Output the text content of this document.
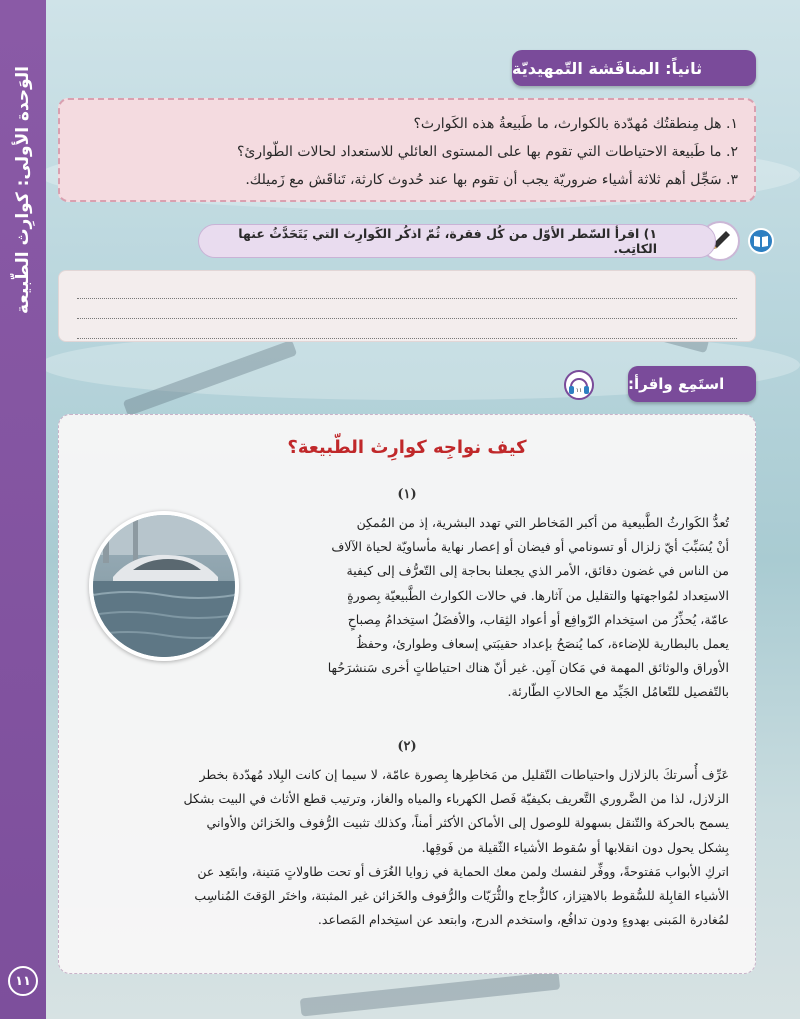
الوَحدة الأولى: كوارِث الطّبيعة
١١
ثانياً: المناقَشة التّمهيديّة
١. هل مِنطقتُك مُهدّدة بالكوارث، ما طَبيعةُ هذه الكَوارث؟
٢. ما طَبيعة الاحتياطات التي تقوم بها على المستوى العائلي للاستعداد لحالات الطّوارئ؟
٣. سَجِّل أهم ثلاثة أشياء ضروريّة يجب أن تقوم بها عند حُدوث كارثة، تَناقَش مع زَميلك.
١) اقرأ السّطر الأوّل من كُل فقرة، ثُمّ اذكُر الكَوارِث التي يَتَحَدَّثُ عنها الكاتِب.
استَمِع واقرأ:
١١
كيف نواجِه كوارِث الطّبيعة؟
(١)
تُعدُّ الكَوارثُ الطَّبيعية من أكبر المَخاطر التي تهدد البشرية، إذ من المُمكِن
أنْ يُسَبِّبَ أيّ زلزال أو تسونامي أو فيضان أو إعصار نهاية مأساويّة لحياة الآلاف
من الناس في غضون دقائق، الأمر الذي يجعلنا بحاجة إلى التّعرُّف إلى كيفية
الاستِعداد لمُواجهتها والتقليل من آثارها. في حالات الكوارث الطَّبيعيّة بِصورةٍ
عامّة، يُحذِّرُ من استِخدام الرّوافِع أو أعواد الثِقاب، والأفضَلُ استِخدامُ مِصباحٍ
يعمل بالبطارية للإضاءة، كما يُنصَحُ بإعداد حقيبَتي إسعاف وطوارئ، وحفظُ
الأوراق والوثائق المهمة في مَكان آمِن. غير أنّ هناك احتياطاتٍ أخرى سَنشرَحُها
بالتّفصيل للتّعامُل الجَيِّد مع الحالاتِ الطّارئة.
(٢)
عَرِّف أُسرتكَ بالزلازل واحتياطات التّقليل من مَخاطِرها بِصورة عامّة، لا سيما إن كانت البِلاد مُهدّدة بخطر
الزلازل، لذا من الضَّروري التَّعريف بكيفيّة فَصل الكهرباء والمياه والغاز، وترتيب قطع الأثاث في البيت بشكل
يسمح بالحركة والتّنقل بسهولة للوصول إلى الأماكن الأكثر أمناً، وكذلك تثبيت الرُّفوف والخَزائن والأواني
بِشكل يحول دون انقلابها أو سُقوط الأشياء الثّقيلة من فَوقِها.
اتركِ الأبواب مَفتوحةً، ووفِّر لنفسك ولمن معك الحماية في زوايا الغُرَف أو تحت طاولاتٍ مَتينة، وابتَعِد عن
الأشياء القابِلة للسُّقوط بالاهتِزاز، كالزُّجاج والثُّرَيّات والرُّفوف والخَزائن غير المثبتة، واختَر الوَقتَ المُناسِب
لمُغادرة المَبنى بهدوءٍ ودون تدافُع، واستخدم الدرج، وابتعد عن استِخدام المَصاعد.
